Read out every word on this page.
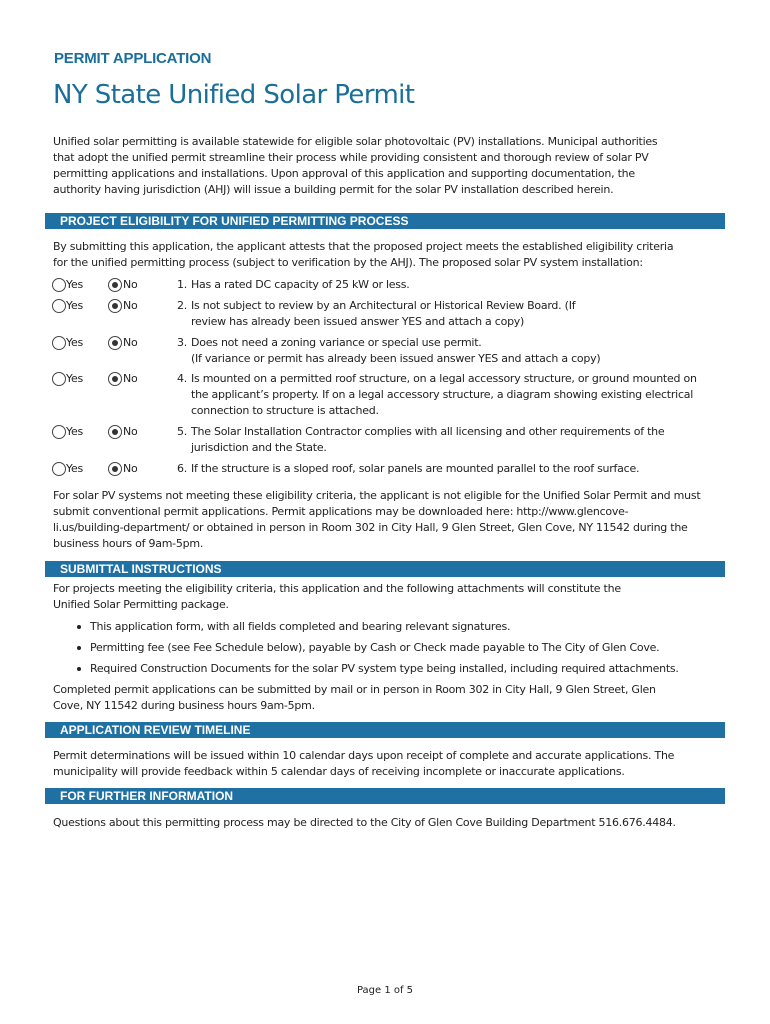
PERMIT APPLICATION
NY State Unified Solar Permit
Unified solar permitting is available statewide for eligible solar photovoltaic (PV) installations. Municipal authorities
that adopt the unified permit streamline their process while providing consistent and thorough review of solar PV
permitting applications and installations. Upon approval of this application and supporting documentation, the
authority having jurisdiction (AHJ) will issue a building permit for the solar PV installation described herein.
PROJECT ELIGIBILITY FOR UNIFIED PERMITTING PROCESS
By submitting this application, the applicant attests that the proposed project meets the established eligibility criteria
for the unified permitting process (subject to verification by the AHJ). The proposed solar PV system installation:
Yes	No	1. Has a rated DC capacity of 25 kW or less.
Yes	No	2. Is not subject to review by an Architectural or Historical Review Board. (If
review has already been issued answer YES and attach a copy)
Yes	No	3. Does not need a zoning variance or special use permit.
(If variance or permit has already been issued answer YES and attach a copy)
Yes	No	4. Is mounted on a permitted roof structure, on a legal accessory structure, or ground mounted on
the applicant’s property. If on a legal accessory structure, a diagram showing existing electrical
connection to structure is attached.
Yes	No	5. The Solar Installation Contractor complies with all licensing and other requirements of the
jurisdiction and the State.
Yes	No	6. If the structure is a sloped roof, solar panels are mounted parallel to the roof surface.
For solar PV systems not meeting these eligibility criteria, the applicant is not eligible for the Unified Solar Permit and must
submit conventional permit applications. Permit applications may be downloaded here: http://www.glencove-
li.us/building-department/ or obtained in person in Room 302 in City Hall, 9 Glen Street, Glen Cove, NY 11542 during the
business hours of 9am-5pm.
SUBMITTAL INSTRUCTIONS
For projects meeting the eligibility criteria, this application and the following attachments will constitute the
Unified Solar Permitting package.
This application form, with all fields completed and bearing relevant signatures.
Permitting fee (see Fee Schedule below), payable by Cash or Check made payable to The City of Glen Cove.
Required Construction Documents for the solar PV system type being installed, including required attachments.
Completed permit applications can be submitted by mail or in person in Room 302 in City Hall, 9 Glen Street, Glen
Cove, NY 11542 during business hours 9am-5pm.
APPLICATION REVIEW TIMELINE
Permit determinations will be issued within 10 calendar days upon receipt of complete and accurate applications. The
municipality will provide feedback within 5 calendar days of receiving incomplete or inaccurate applications.
FOR FURTHER INFORMATION
Questions about this permitting process may be directed to the City of Glen Cove Building Department 516.676.4484.
Page 1 of 5
